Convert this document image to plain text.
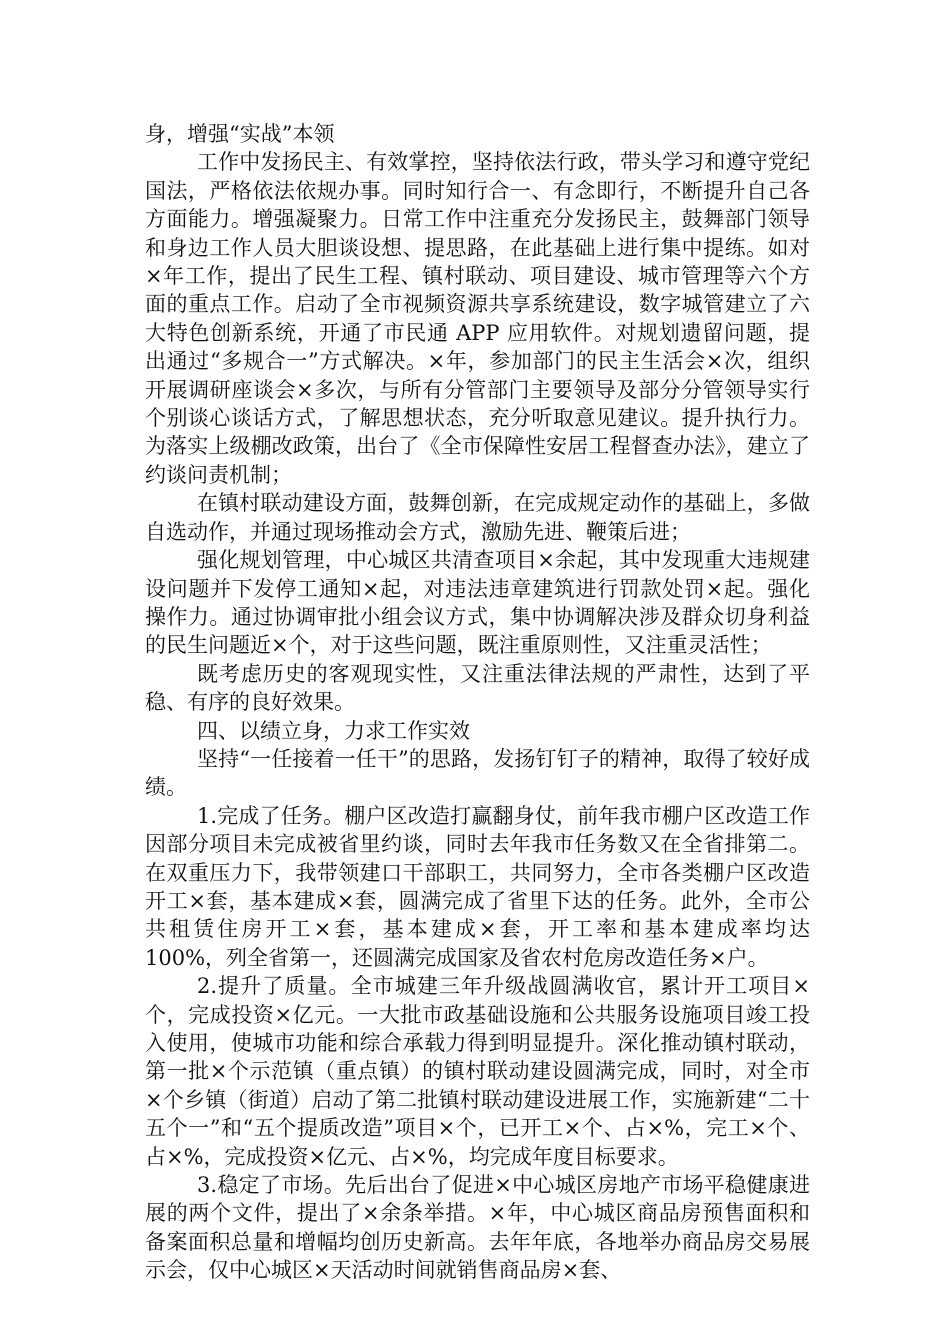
身，增强“实战”本领

工作中发扬民主、有效掌控，坚持依法行政，带头学习和遵守党纪国法，严格依法依规办事。同时知行合一、有念即行，不断提升自己各方面能力。增强凝聚力。日常工作中注重充分发扬民主，鼓舞部门领导和身边工作人员大胆谈设想、提思路，在此基础上进行集中提练。如对×年工作，提出了民生工程、镇村联动、项目建设、城市管理等六个方面的重点工作。启动了全市视频资源共享系统建设，数字城管建立了六大特色创新系统，开通了市民通 APP 应用软件。对规划遗留问题，提出通过“多规合一”方式解决。×年，参加部门的民主生活会×次，组织开展调研座谈会×多次，与所有分管部门主要领导及部分分管领导实行个别谈心谈话方式，了解思想状态，充分听取意见建议。提升执行力。为落实上级棚改政策，出台了《全市保障性安居工程督查办法》，建立了约谈问责机制；

在镇村联动建设方面，鼓舞创新，在完成规定动作的基础上，多做自选动作，并通过现场推动会方式，激励先进、鞭策后进；

强化规划管理，中心城区共清查项目×余起，其中发现重大违规建设问题并下发停工通知×起，对违法违章建筑进行罚款处罚×起。强化操作力。通过协调审批小组会议方式，集中协调解决涉及群众切身利益的民生问题近×个，对于这些问题，既注重原则性，又注重灵活性；

既考虑历史的客观现实性，又注重法律法规的严肃性，达到了平稳、有序的良好效果。

四、以绩立身，力求工作实效

坚持“一任接着一任干”的思路，发扬钉钉子的精神，取得了较好成绩。

1.完成了任务。棚户区改造打赢翻身仗，前年我市棚户区改造工作因部分项目未完成被省里约谈，同时去年我市任务数又在全省排第二。在双重压力下，我带领建口干部职工，共同努力，全市各类棚户区改造开工×套，基本建成×套，圆满完成了省里下达的任务。此外，全市公共租赁住房开工×套，基本建成×套，开工率和基本建成率均达 100%，列全省第一，还圆满完成国家及省农村危房改造任务×户。

2.提升了质量。全市城建三年升级战圆满收官，累计开工项目×个，完成投资×亿元。一大批市政基础设施和公共服务设施项目竣工投入使用，使城市功能和综合承载力得到明显提升。深化推动镇村联动，第一批×个示范镇（重点镇）的镇村联动建设圆满完成，同时，对全市×个乡镇（街道）启动了第二批镇村联动建设进展工作，实施新建“二十五个一”和“五个提质改造”项目×个，已开工×个、占×%，完工×个、占×%，完成投资×亿元、占×%，均完成年度目标要求。

3.稳定了市场。先后出台了促进×中心城区房地产市场平稳健康进展的两个文件，提出了×余条举措。×年，中心城区商品房预售面积和备案面积总量和增幅均创历史新高。去年年底，各地举办商品房交易展示会，仅中心城区×天活动时间就销售商品房×套、
